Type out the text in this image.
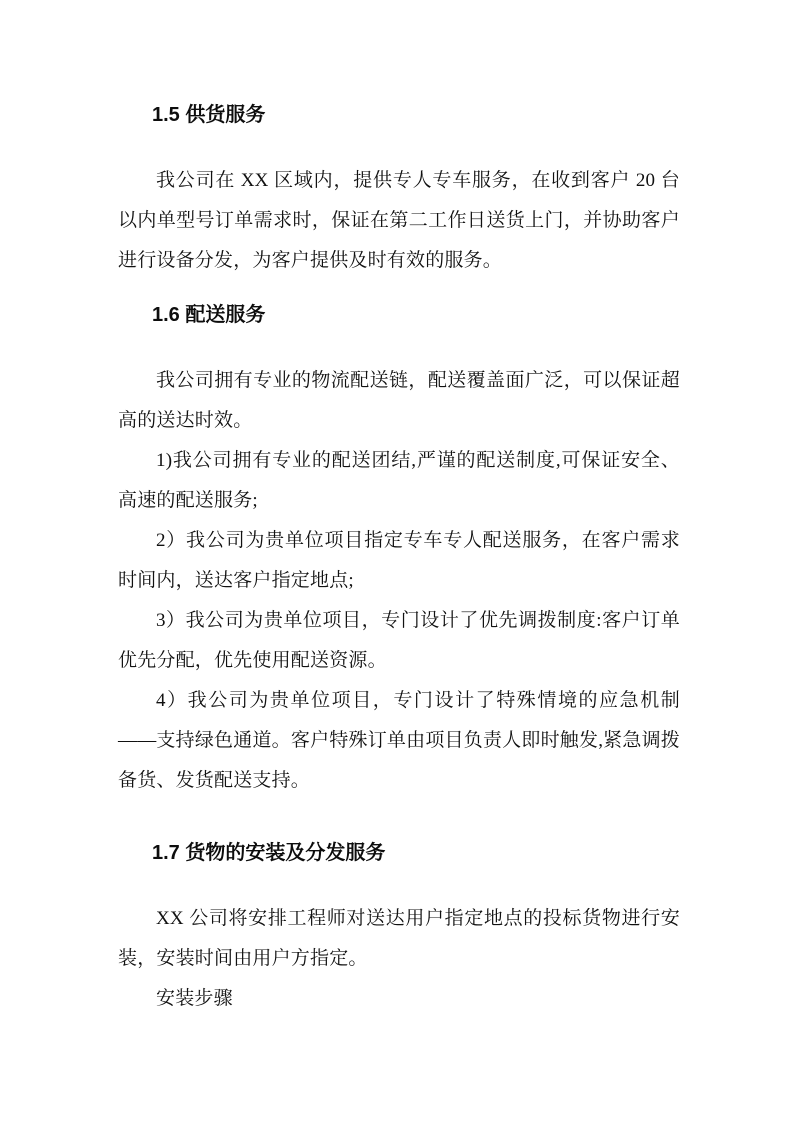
1.5 供货服务

我公司在 XX 区域内，提供专人专车服务，在收到客户 20 台以内单型号订单需求时，保证在第二工作日送货上门，并协助客户进行设备分发，为客户提供及时有效的服务。

1.6 配送服务

我公司拥有专业的物流配送链，配送覆盖面广泛，可以保证超高的送达时效。

1)我公司拥有专业的配送团结,严谨的配送制度,可保证安全、高速的配送服务;

2）我公司为贵单位项目指定专车专人配送服务，在客户需求时间内，送达客户指定地点;

3）我公司为贵单位项目，专门设计了优先调拨制度:客户订单优先分配，优先使用配送资源。

4）我公司为贵单位项目，专门设计了特殊情境的应急机制——支持绿色通道。客户特殊订单由项目负责人即时触发,紧急调拨备货、发货配送支持。

1.7 货物的安装及分发服务

XX 公司将安排工程师对送达用户指定地点的投标货物进行安装，安装时间由用户方指定。

安装步骤
